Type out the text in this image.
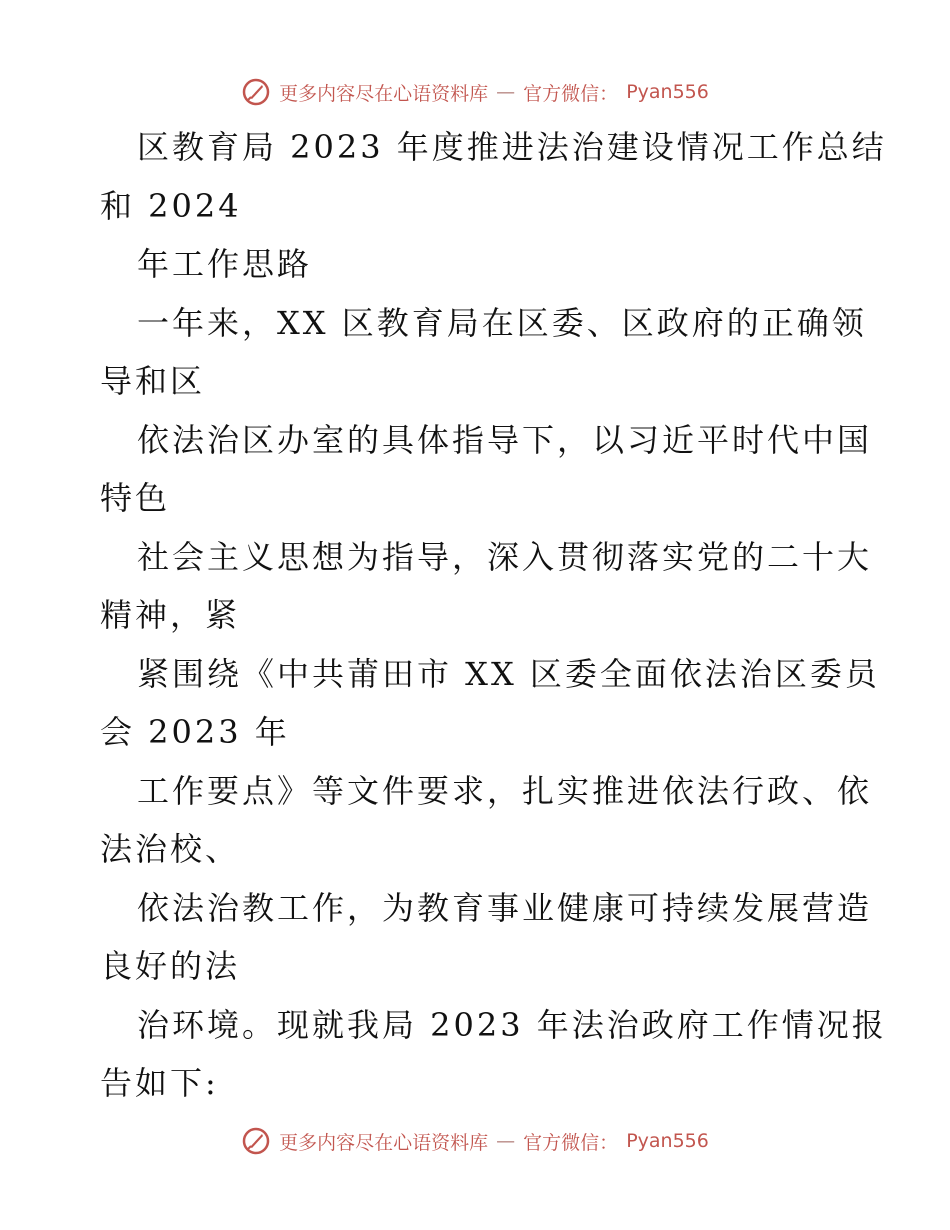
更多内容尽在心语资料库 — 官方微信： Pyan556
区教育局 2023 年度推进法治建设情况工作总结
和 2024
年工作思路
一年来，XX 区教育局在区委、区政府的正确领
导和区
依法治区办室的具体指导下，以习近平时代中国
特色
社会主义思想为指导，深入贯彻落实党的二十大
精神，紧
紧围绕《中共莆田市 XX 区委全面依法治区委员
会 2023 年
工作要点》等文件要求，扎实推进依法行政、依
法治校、
依法治教工作，为教育事业健康可持续发展营造
良好的法
治环境。现就我局 2023 年法治政府工作情况报
告如下:
更多内容尽在心语资料库 — 官方微信： Pyan556
